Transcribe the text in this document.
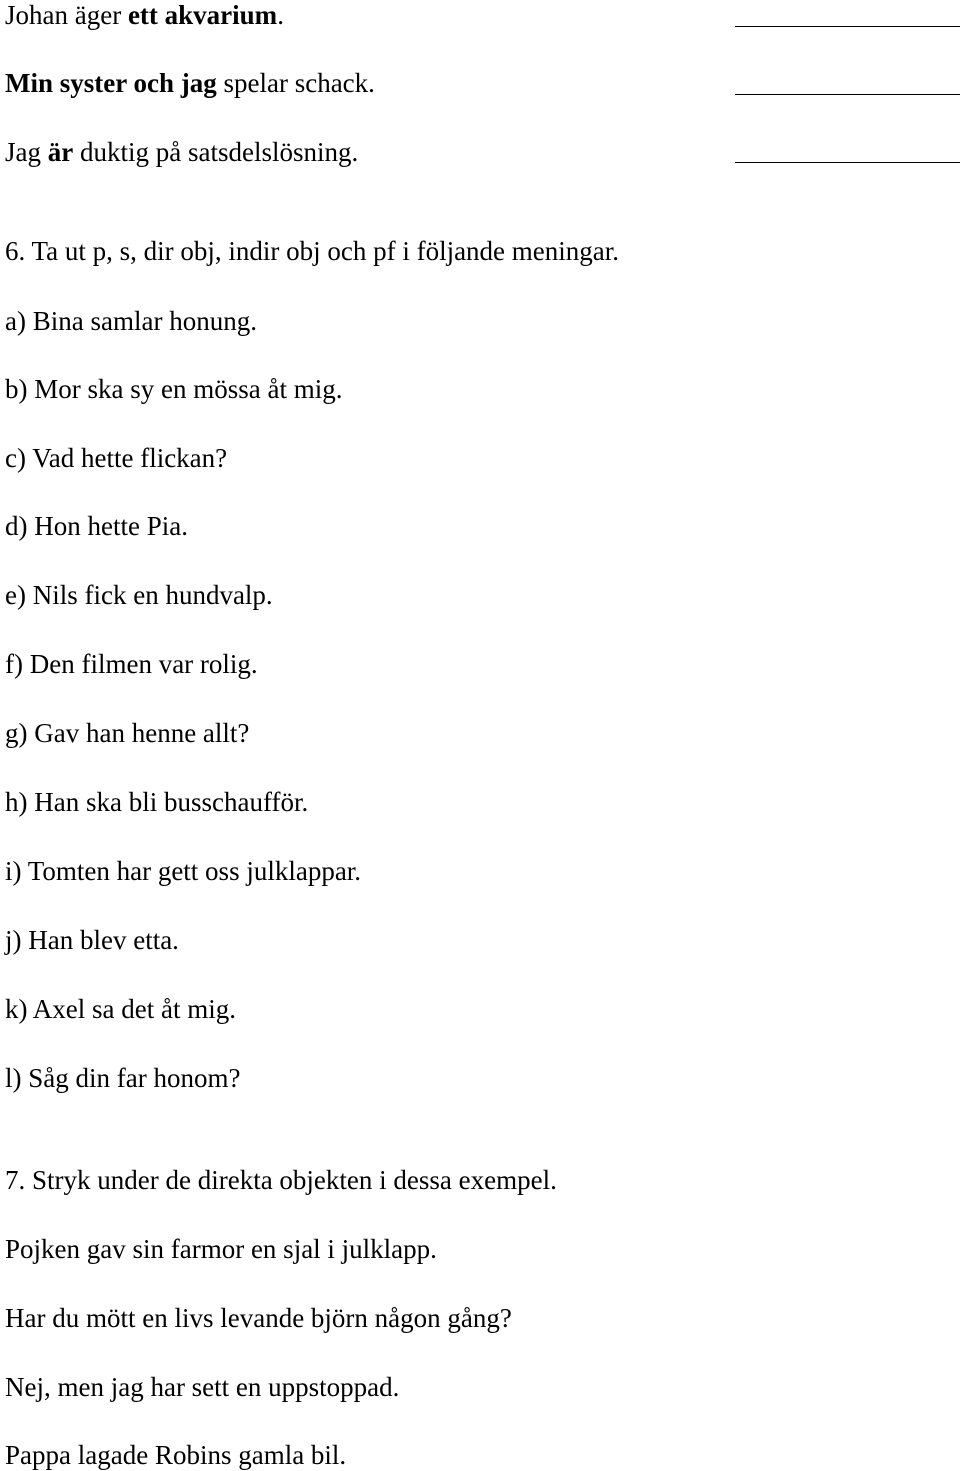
Johan äger ett akvarium.
Min syster och jag spelar schack.
Jag är duktig på satsdelslösning.
6. Ta ut p, s, dir obj, indir obj och pf i följande meningar.
a) Bina samlar honung.
b) Mor ska sy en mössa åt mig.
c) Vad hette flickan?
d) Hon hette Pia.
e) Nils fick en hundvalp.
f) Den filmen var rolig.
g) Gav han henne allt?
h) Han ska bli busschaufför.
i) Tomten har gett oss julklappar.
j) Han blev etta.
k) Axel sa det åt mig.
l) Såg din far honom?
7. Stryk under de direkta objekten i dessa exempel.
Pojken gav sin farmor en sjal i julklapp.
Har du mött en livs levande björn någon gång?
Nej, men jag har sett en uppstoppad.
Pappa lagade Robins gamla bil.
